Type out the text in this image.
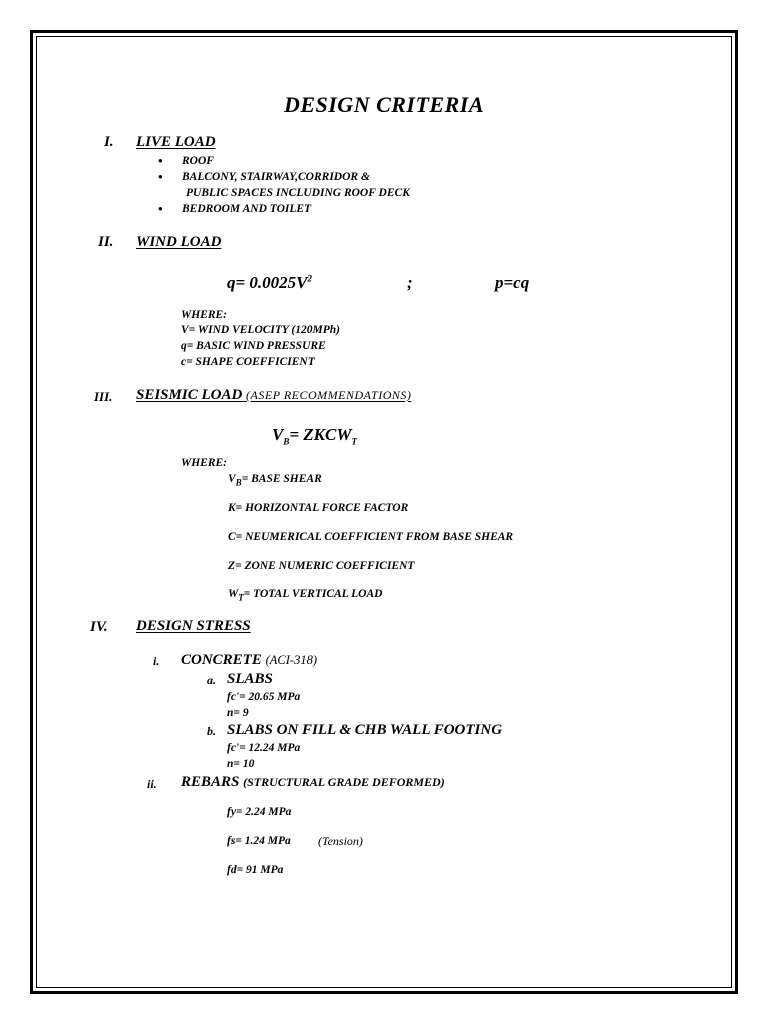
DESIGN CRITERIA
I. LIVE LOAD
• ROOF
• BALCONY, STAIRWAY,CORRIDOR &
PUBLIC SPACES INCLUDING ROOF DECK
• BEDROOM AND TOILET
II. WIND LOAD
$q= 0.0025V^2$	;	p=cq
WHERE:
V= WIND VELOCITY (120MPh)
q= BASIC WIND PRESSURE
c= SHAPE COEFFICIENT
III. SEISMIC LOAD (ASEP RECOMMENDATIONS)
$V_B=$ $ZKCW_T$
WHERE:
$V_B=$ BASE SHEAR
K= HORIZONTAL FORCE FACTOR
C= NEUMERICAL COEFFICIENT FROM BASE SHEAR
Z= ZONE NUMERIC COEFFICIENT
$W_T=$ TOTAL VERTICAL LOAD
IV. DESIGN STRESS
i. CONCRETE (ACI-318)
a. SLABS
fc'= 20.65 MPa
n= 9
b. SLABS ON FILL & CHB WALL FOOTING
fc'= 12.24 MPa
n= 10
ii. REBARS (STRUCTURAL GRADE DEFORMED)
fy= 2.24 MPa
fs= 1.24 MPa (Tension)
fd= 91 MPa
